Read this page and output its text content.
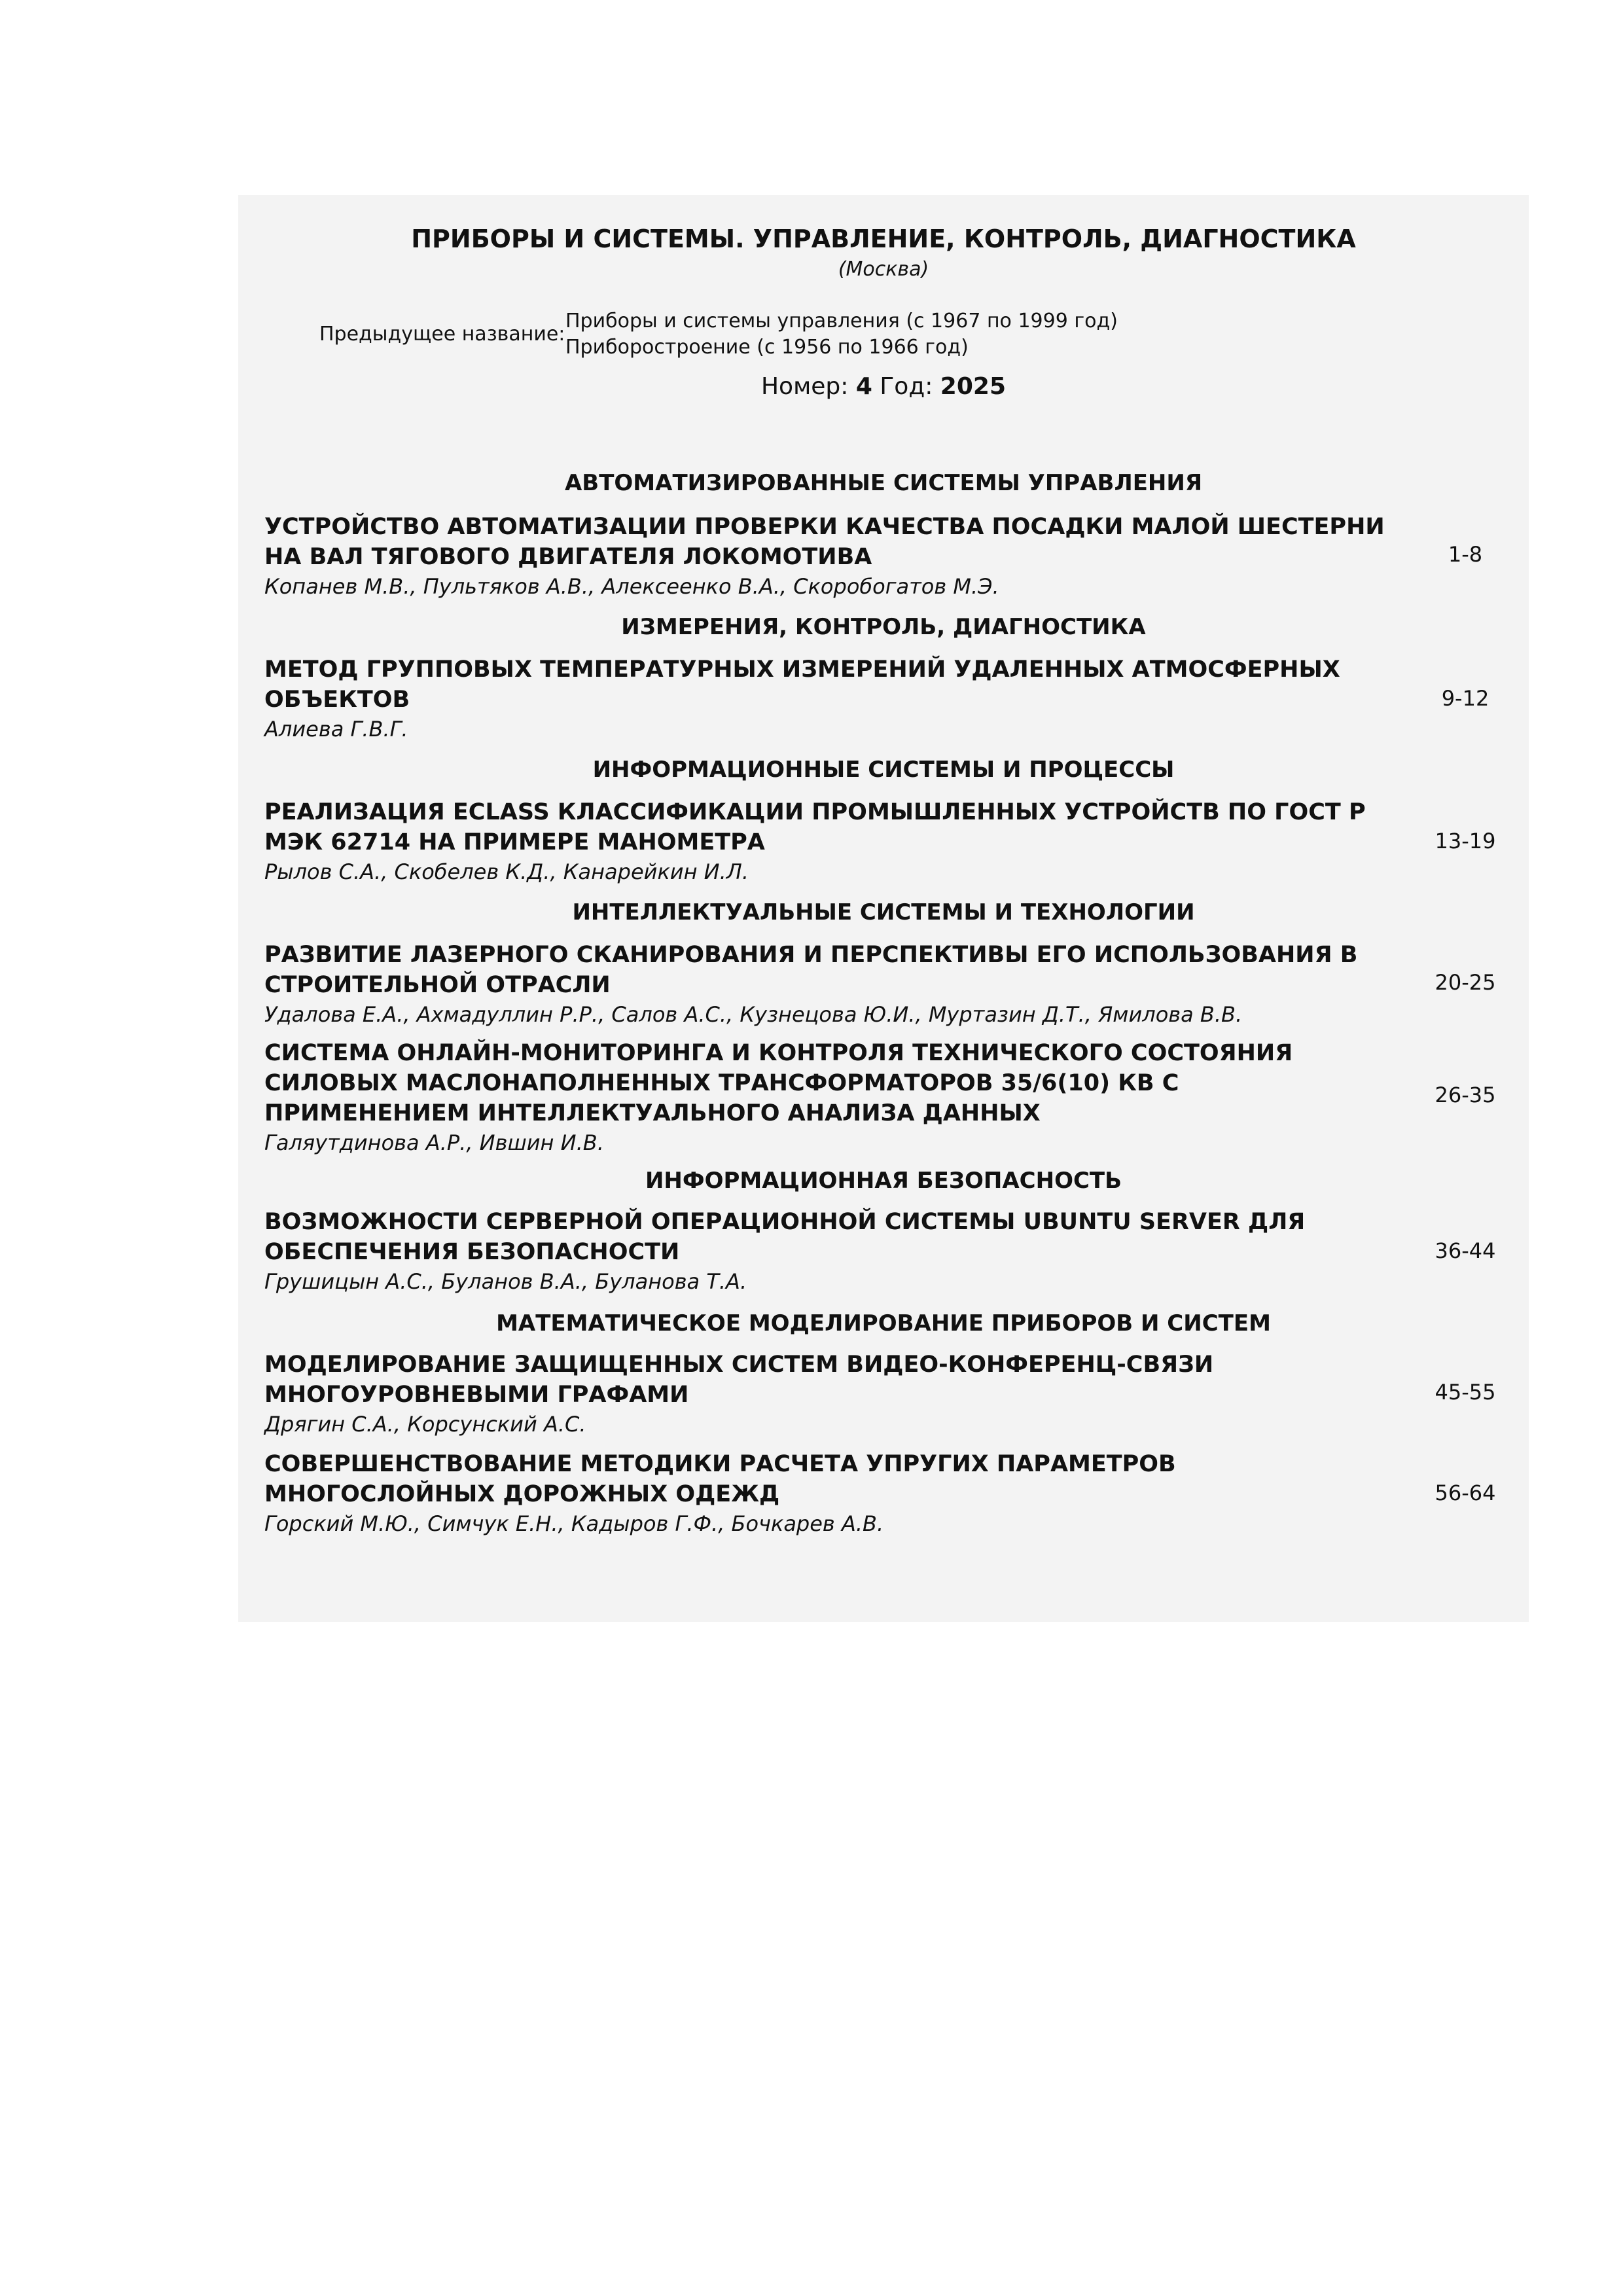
ПРИБОРЫ И СИСТЕМЫ. УПРАВЛЕНИЕ, КОНТРОЛЬ, ДИАГНОСТИКА
(Москва)
Предыдущее название:
Приборы и системы управления (с 1967 по 1999 год)
Приборостроение (с 1956 по 1966 год)
Номер: 4 Год: 2025
АВТОМАТИЗИРОВАННЫЕ СИСТЕМЫ УПРАВЛЕНИЯ
УСТРОЙСТВО АВТОМАТИЗАЦИИ ПРОВЕРКИ КАЧЕСТВА ПОСАДКИ МАЛОЙ ШЕСТЕРНИ
НА ВАЛ ТЯГОВОГО ДВИГАТЕЛЯ ЛОКОМОТИВА
Копанев М.В., Пультяков А.В., Алексеенко В.А., Скоробогатов М.Э.
1-8
ИЗМЕРЕНИЯ, КОНТРОЛЬ, ДИАГНОСТИКА
МЕТОД ГРУППОВЫХ ТЕМПЕРАТУРНЫХ ИЗМЕРЕНИЙ УДАЛЕННЫХ АТМОСФЕРНЫХ
ОБЪЕКТОВ
Алиева Г.В.Г.
9-12
ИНФОРМАЦИОННЫЕ СИСТЕМЫ И ПРОЦЕССЫ
РЕАЛИЗАЦИЯ ECLASS КЛАССИФИКАЦИИ ПРОМЫШЛЕННЫХ УСТРОЙСТВ ПО ГОСТ Р
МЭК 62714 НА ПРИМЕРЕ МАНОМЕТРА
Рылов С.А., Скобелев К.Д., Канарейкин И.Л.
13-19
ИНТЕЛЛЕКТУАЛЬНЫЕ СИСТЕМЫ И ТЕХНОЛОГИИ
РАЗВИТИЕ ЛАЗЕРНОГО СКАНИРОВАНИЯ И ПЕРСПЕКТИВЫ ЕГО ИСПОЛЬЗОВАНИЯ В
СТРОИТЕЛЬНОЙ ОТРАСЛИ
Удалова Е.А., Ахмадуллин Р.Р., Салов А.С., Кузнецова Ю.И., Муртазин Д.Т., Ямилова В.В.
20-25
СИСТЕМА ОНЛАЙН-МОНИТОРИНГА И КОНТРОЛЯ ТЕХНИЧЕСКОГО СОСТОЯНИЯ
СИЛОВЫХ МАСЛОНАПОЛНЕННЫХ ТРАНСФОРМАТОРОВ 35/6(10) КВ С
ПРИМЕНЕНИЕМ ИНТЕЛЛЕКТУАЛЬНОГО АНАЛИЗА ДАННЫХ
Галяутдинова А.Р., Ившин И.В.
26-35
ИНФОРМАЦИОННАЯ БЕЗОПАСНОСТЬ
ВОЗМОЖНОСТИ СЕРВЕРНОЙ ОПЕРАЦИОННОЙ СИСТЕМЫ UBUNTU SERVER ДЛЯ
ОБЕСПЕЧЕНИЯ БЕЗОПАСНОСТИ
Грушицын А.С., Буланов В.А., Буланова Т.А.
36-44
МАТЕМАТИЧЕСКОЕ МОДЕЛИРОВАНИЕ ПРИБОРОВ И СИСТЕМ
МОДЕЛИРОВАНИЕ ЗАЩИЩЕННЫХ СИСТЕМ ВИДЕО-КОНФЕРЕНЦ-СВЯЗИ
МНОГОУРОВНЕВЫМИ ГРАФАМИ
Дрягин С.А., Корсунский А.С.
45-55
СОВЕРШЕНСТВОВАНИЕ МЕТОДИКИ РАСЧЕТА УПРУГИХ ПАРАМЕТРОВ
МНОГОСЛОЙНЫХ ДОРОЖНЫХ ОДЕЖД
Горский М.Ю., Симчук Е.Н., Кадыров Г.Ф., Бочкарев А.В.
56-64
